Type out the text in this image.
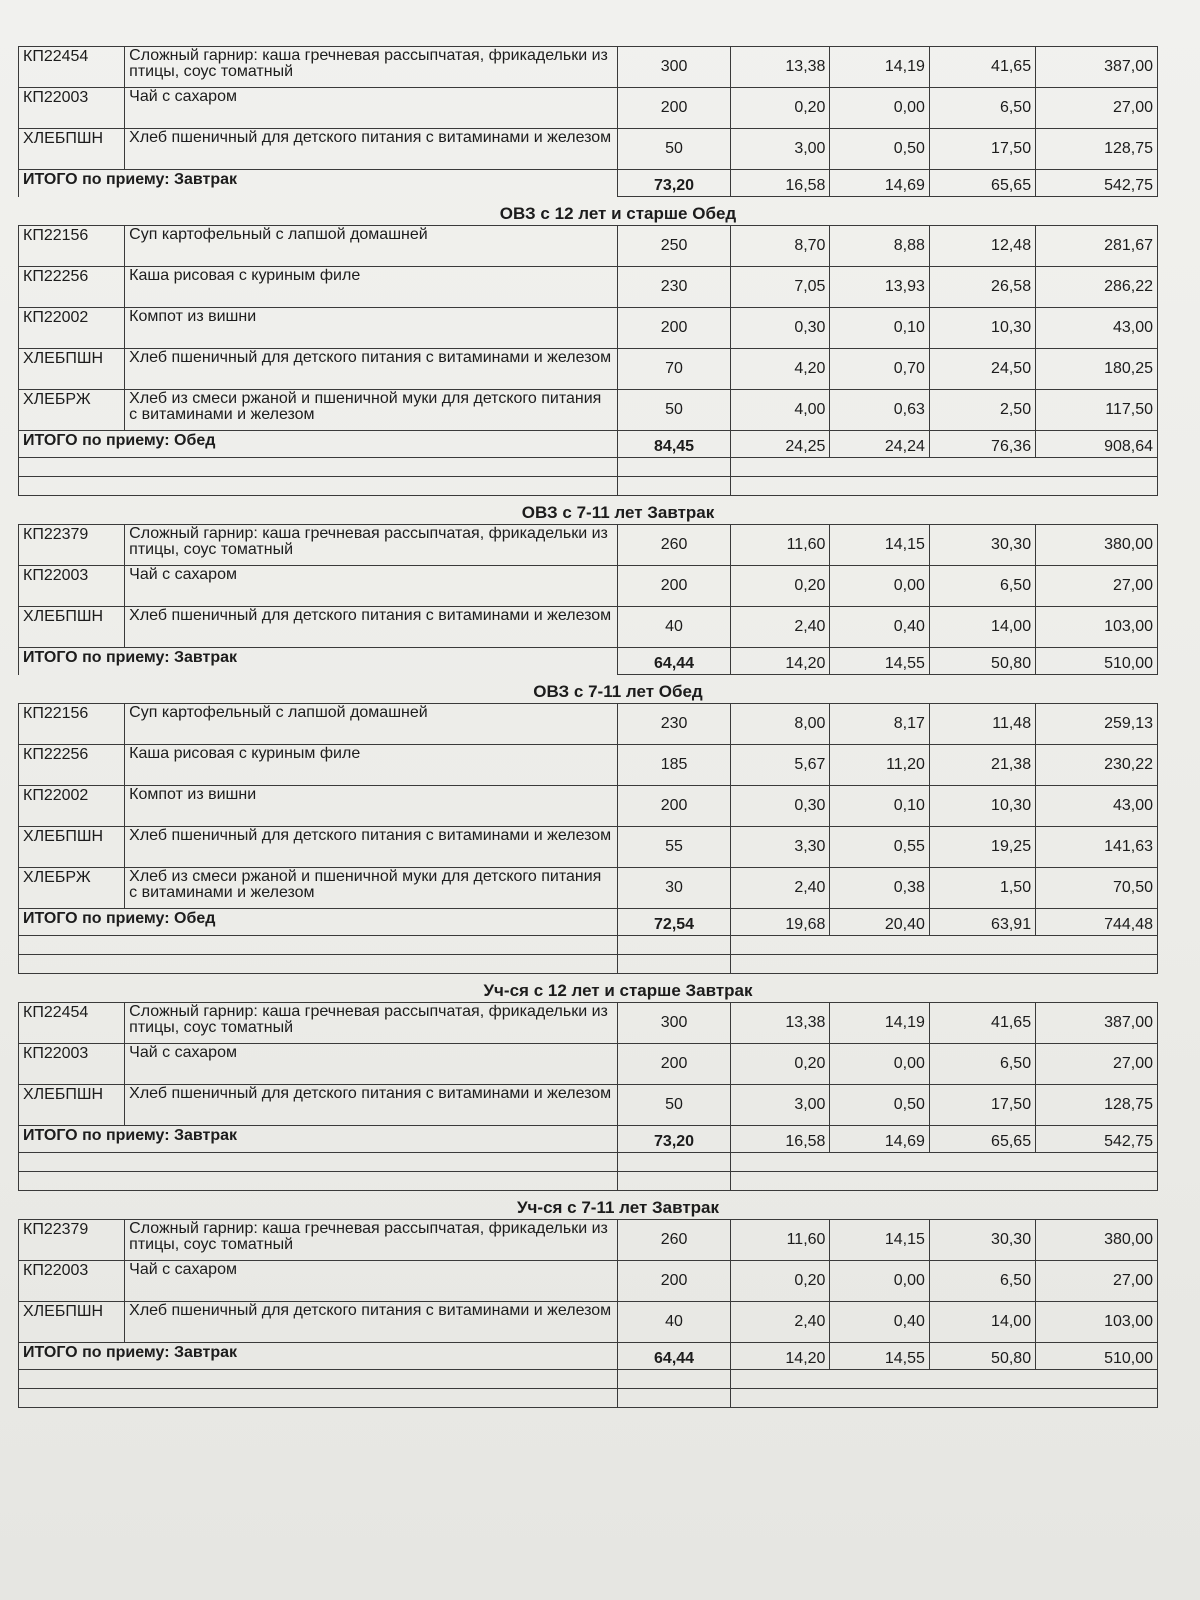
КП22454	Сложный гарнир: каша гречневая рассыпчатая, фрикадельки из птицы, соус томатный	300	13,38	14,19	41,65	387,00
КП22003	Чай с сахаром	200	0,20	0,00	6,50	27,00
ХЛЕБПШН	Хлеб пшеничный для детского питания с витаминами и железом	50	3,00	0,50	17,50	128,75
ИТОГО по приему: Завтрак		73,20	16,58	14,69	65,65	542,75
ОВЗ с 12 лет и старше Обед
КП22156	Суп картофельный с лапшой домашней	250	8,70	8,88	12,48	281,67
КП22256	Каша рисовая с куриным филе	230	7,05	13,93	26,58	286,22
КП22002	Компот из вишни	200	0,30	0,10	10,30	43,00
ХЛЕБПШН	Хлеб пшеничный для детского питания с витаминами и железом	70	4,20	0,70	24,50	180,25
ХЛЕБРЖ	Хлеб из смеси ржаной и пшеничной муки для детского питания с витаминами и железом	50	4,00	0,63	2,50	117,50
ИТОГО по приему: Обед		84,45	24,25	24,24	76,36	908,64

ОВЗ с 7-11 лет Завтрак
КП22379	Сложный гарнир: каша гречневая рассыпчатая, фрикадельки из птицы, соус томатный	260	11,60	14,15	30,30	380,00
КП22003	Чай с сахаром	200	0,20	0,00	6,50	27,00
ХЛЕБПШН	Хлеб пшеничный для детского питания с витаминами и железом	40	2,40	0,40	14,00	103,00
ИТОГО по приему: Завтрак		64,44	14,20	14,55	50,80	510,00
ОВЗ с 7-11 лет Обед
КП22156	Суп картофельный с лапшой домашней	230	8,00	8,17	11,48	259,13
КП22256	Каша рисовая с куриным филе	185	5,67	11,20	21,38	230,22
КП22002	Компот из вишни	200	0,30	0,10	10,30	43,00
ХЛЕБПШН	Хлеб пшеничный для детского питания с витаминами и железом	55	3,30	0,55	19,25	141,63
ХЛЕБРЖ	Хлеб из смеси ржаной и пшеничной муки для детского питания с витаминами и железом	30	2,40	0,38	1,50	70,50
ИТОГО по приему: Обед		72,54	19,68	20,40	63,91	744,48

Уч-ся с 12 лет и старше Завтрак
КП22454	Сложный гарнир: каша гречневая рассыпчатая, фрикадельки из птицы, соус томатный	300	13,38	14,19	41,65	387,00
КП22003	Чай с сахаром	200	0,20	0,00	6,50	27,00
ХЛЕБПШН	Хлеб пшеничный для детского питания с витаминами и железом	50	3,00	0,50	17,50	128,75
ИТОГО по приему: Завтрак		73,20	16,58	14,69	65,65	542,75

Уч-ся с 7-11 лет Завтрак
КП22379	Сложный гарнир: каша гречневая рассыпчатая, фрикадельки из птицы, соус томатный	260	11,60	14,15	30,30	380,00
КП22003	Чай с сахаром	200	0,20	0,00	6,50	27,00
ХЛЕБПШН	Хлеб пшеничный для детского питания с витаминами и железом	40	2,40	0,40	14,00	103,00
ИТОГО по приему: Завтрак		64,44	14,20	14,55	50,80	510,00
